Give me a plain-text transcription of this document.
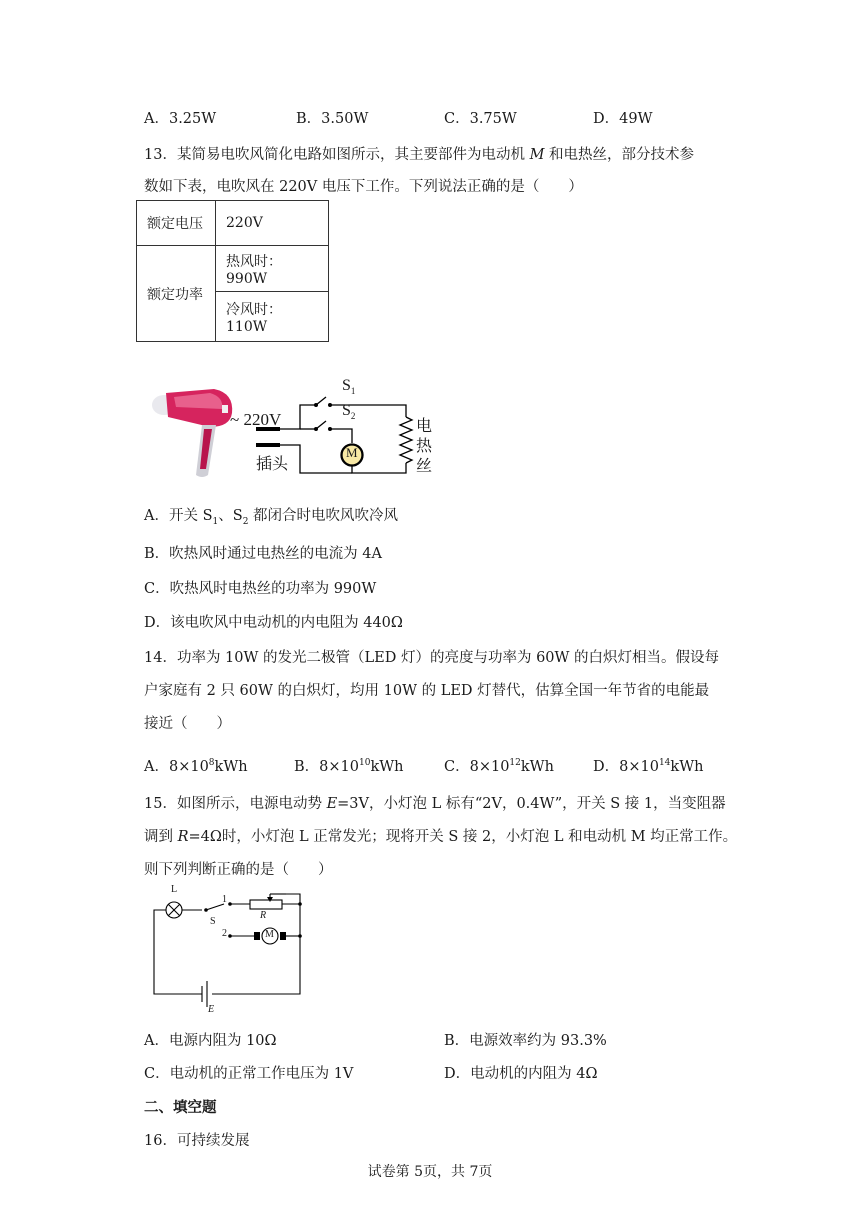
A．3.25W	B．3.50W	C．3.75W	D．49W
13．某简易电吹风简化电路如图所示，其主要部件为电动机 M 和电热丝，部分技术参
数如下表，电吹风在 220V 电压下工作。下列说法正确的是（　　）
额定电压	220V
额定功率	热风时：990W
	冷风时：110W
~ 220V
$S_1$
$S_2$
插头
M
电
热
丝
A．开关 $S_1$、$S_2$ 都闭合时电吹风吹冷风
B．吹热风时通过电热丝的电流为 4A
C．吹热风时电热丝的功率为 990W
D．该电吹风中电动机的内电阻为 440Ω
14．功率为 10W 的发光二极管（LED 灯）的亮度与功率为 60W 的白炽灯相当。假设每
户家庭有 2 只 60W 的白炽灯，均用 10W 的 LED 灯替代，估算全国一年节省的电能最
接近（　　）
A．$8\times 10^8kWh$	B．$8\times 10^{10}kWh$	C．$8\times 10^{12}kWh$	D．$8\times 10^{14}kWh$
15．如图所示，电源电动势 E=3V，小灯泡 L 标有“2V，0.4W”，开关 S 接 1，当变阻器
调到 R=4Ω时，小灯泡 L 正常发光；现将开关 S 接 2，小灯泡 L 和电动机 M 均正常工作。
则下列判断正确的是（　　）
L
S
1
2
R
M
E
A．电源内阻为 10Ω	B．电源效率约为 93.3%
C．电动机的正常工作电压为 1V	D．电动机的内阻为 4Ω
二、填空题
16．可持续发展
试卷第 5页，共 7页
